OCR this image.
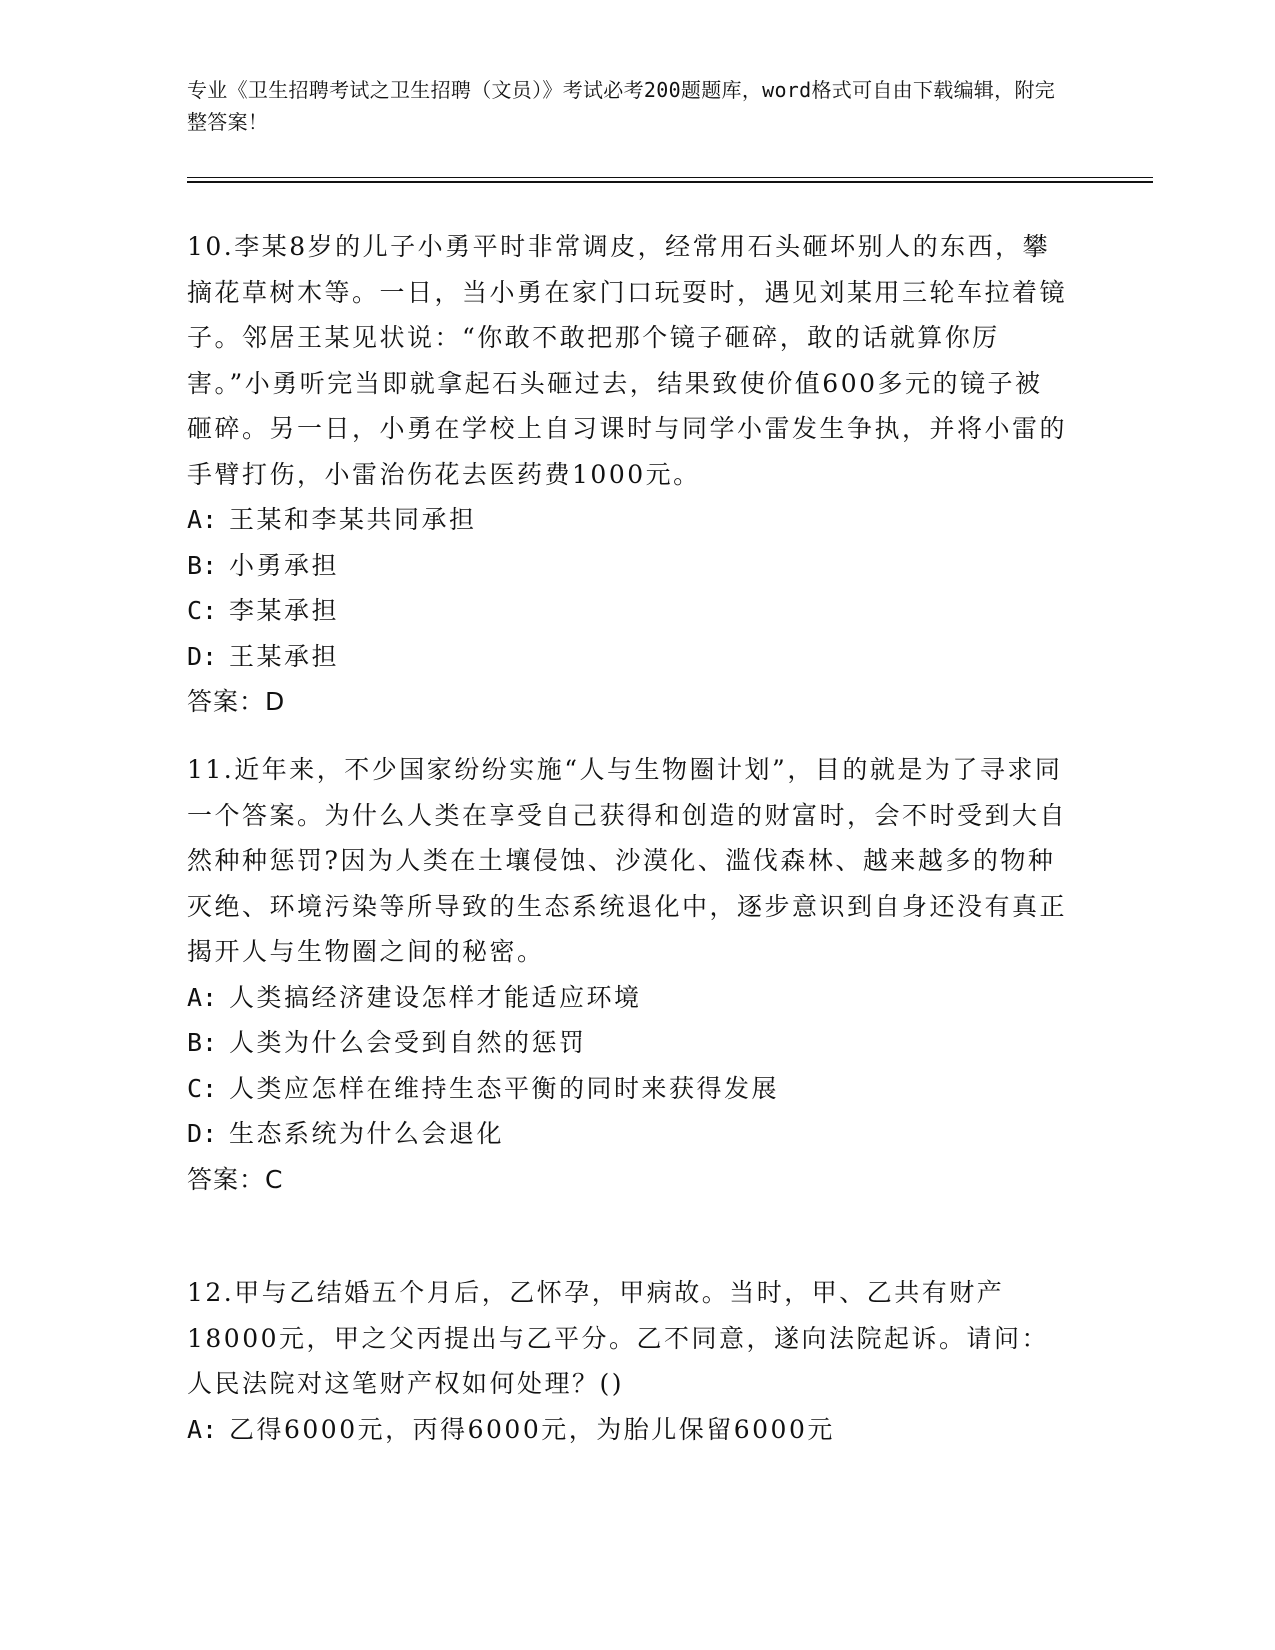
专业《卫生招聘考试之卫生招聘（文员）》考试必考200题题库，word格式可自由下载编辑，附完整答案！

10.李某8岁的儿子小勇平时非常调皮，经常用石头砸坏别人的东西，攀摘花草树木等。一日，当小勇在家门口玩耍时，遇见刘某用三轮车拉着镜子。邻居王某见状说：“你敢不敢把那个镜子砸碎，敢的话就算你厉害。”小勇听完当即就拿起石头砸过去，结果致使价值600多元的镜子被砸碎。另一日，小勇在学校上自习课时与同学小雷发生争执，并将小雷的手臂打伤，小雷治伤花去医药费1000元。

A: 王某和李某共同承担

B: 小勇承担

C: 李某承担

D: 王某承担

答案：D

11.近年来，不少国家纷纷实施“人与生物圈计划”，目的就是为了寻求同一个答案。为什么人类在享受自己获得和创造的财富时，会不时受到大自然种种惩罚?因为人类在土壤侵蚀、沙漠化、滥伐森林、越来越多的物种灭绝、环境污染等所导致的生态系统退化中，逐步意识到自身还没有真正揭开人与生物圈之间的秘密。

A: 人类搞经济建设怎样才能适应环境

B: 人类为什么会受到自然的惩罚

C: 人类应怎样在维持生态平衡的同时来获得发展

D: 生态系统为什么会退化

答案：C

12.甲与乙结婚五个月后，乙怀孕，甲病故。当时，甲、乙共有财产18000元，甲之父丙提出与乙平分。乙不同意，遂向法院起诉。请问：人民法院对这笔财产权如何处理？()

A: 乙得6000元，丙得6000元，为胎儿保留6000元
